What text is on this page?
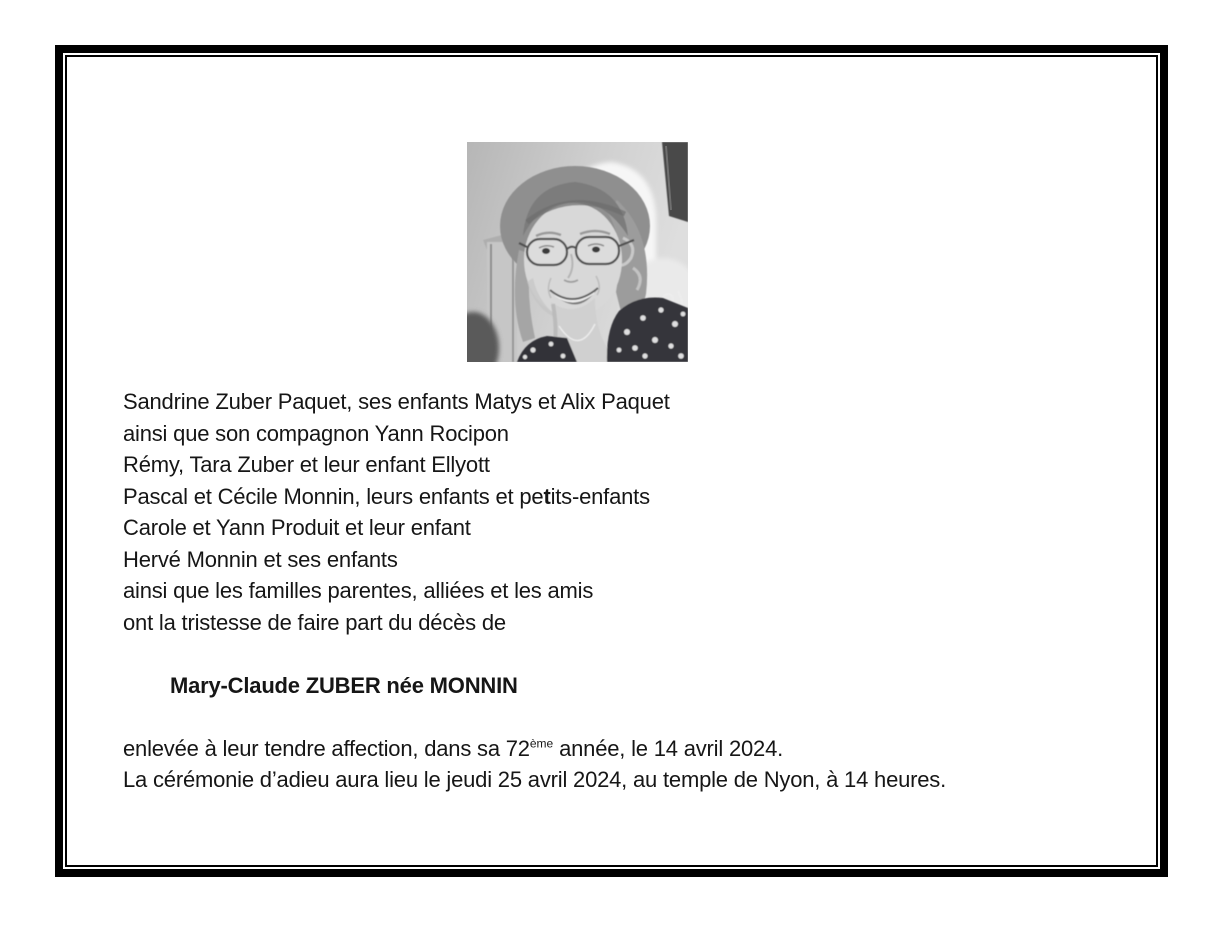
Sandrine Zuber Paquet, ses enfants Matys et Alix Paquet
ainsi que son compagnon Yann Rocipon
Rémy, Tara Zuber et leur enfant Ellyott
Pascal et Cécile Monnin, leurs enfants et petits-enfants
Carole et Yann Produit et leur enfant
Hervé Monnin et ses enfants
ainsi que les familles parentes, alliées et les amis
ont la tristesse de faire part du décès de
Mary-Claude ZUBER née MONNIN
enlevée à leur tendre affection, dans sa 72ème année, le 14 avril 2024.
La cérémonie d’adieu aura lieu le jeudi 25 avril 2024, au temple de Nyon, à 14 heures.
